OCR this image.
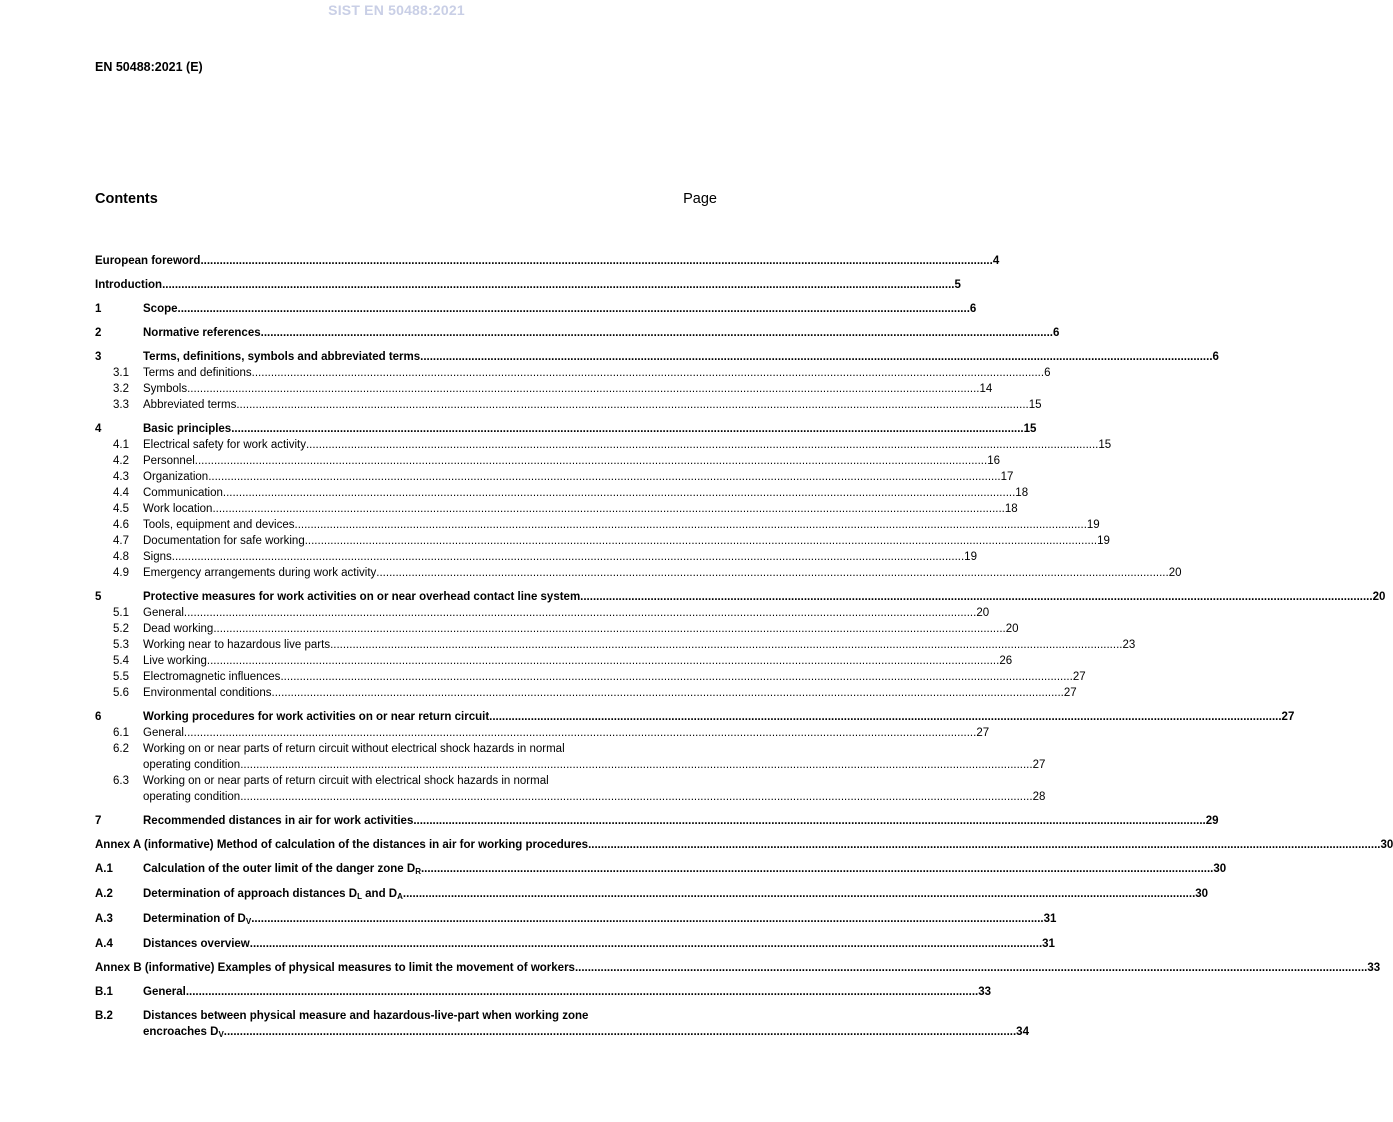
SIST EN 50488:2021
EN 50488:2021 (E)
Contents	Page
European foreword .....	4
Introduction .....	5
1	Scope .....	6
2	Normative references .....	6
3	Terms, definitions, symbols and abbreviated terms .....	6
3.1	Terms and definitions .....	6
3.2	Symbols .....	14
3.3	Abbreviated terms .....	15
4	Basic principles .....	15
4.1	Electrical safety for work activity .....	15
4.2	Personnel .....	16
4.3	Organization .....	17
4.4	Communication .....	18
4.5	Work location .....	18
4.6	Tools, equipment and devices .....	19
4.7	Documentation for safe working .....	19
4.8	Signs .....	19
4.9	Emergency arrangements during work activity .....	20
5	Protective measures for work activities on or near overhead contact line system .....	20
5.1	General .....	20
5.2	Dead working .....	20
5.3	Working near to hazardous live parts .....	23
5.4	Live working .....	26
5.5	Electromagnetic influences .....	27
5.6	Environmental conditions .....	27
6	Working procedures for work activities on or near return circuit .....	27
6.1	General .....	27
6.2	Working on or near parts of return circuit without electrical shock hazards in normal
operating condition .....	27
6.3	Working on or near parts of return circuit with electrical shock hazards in normal
operating condition .....	28
7	Recommended distances in air for work activities .....	29
Annex A (informative) Method of calculation of the distances in air for working procedures .....	30
A.1	Calculation of the outer limit of the danger zone $D_R$ .....	30
A.2	Determination of approach distances $D_L$ and $D_A$ .....	30
A.3	Determination of $D_V$ .....	31
A.4	Distances overview .....	31
Annex B (informative) Examples of physical measures to limit the movement of workers .....	33
B.1	General .....	33
B.2	Distances between physical measure and hazardous-live-part when working zone
encroaches $D_V$ .....	34
